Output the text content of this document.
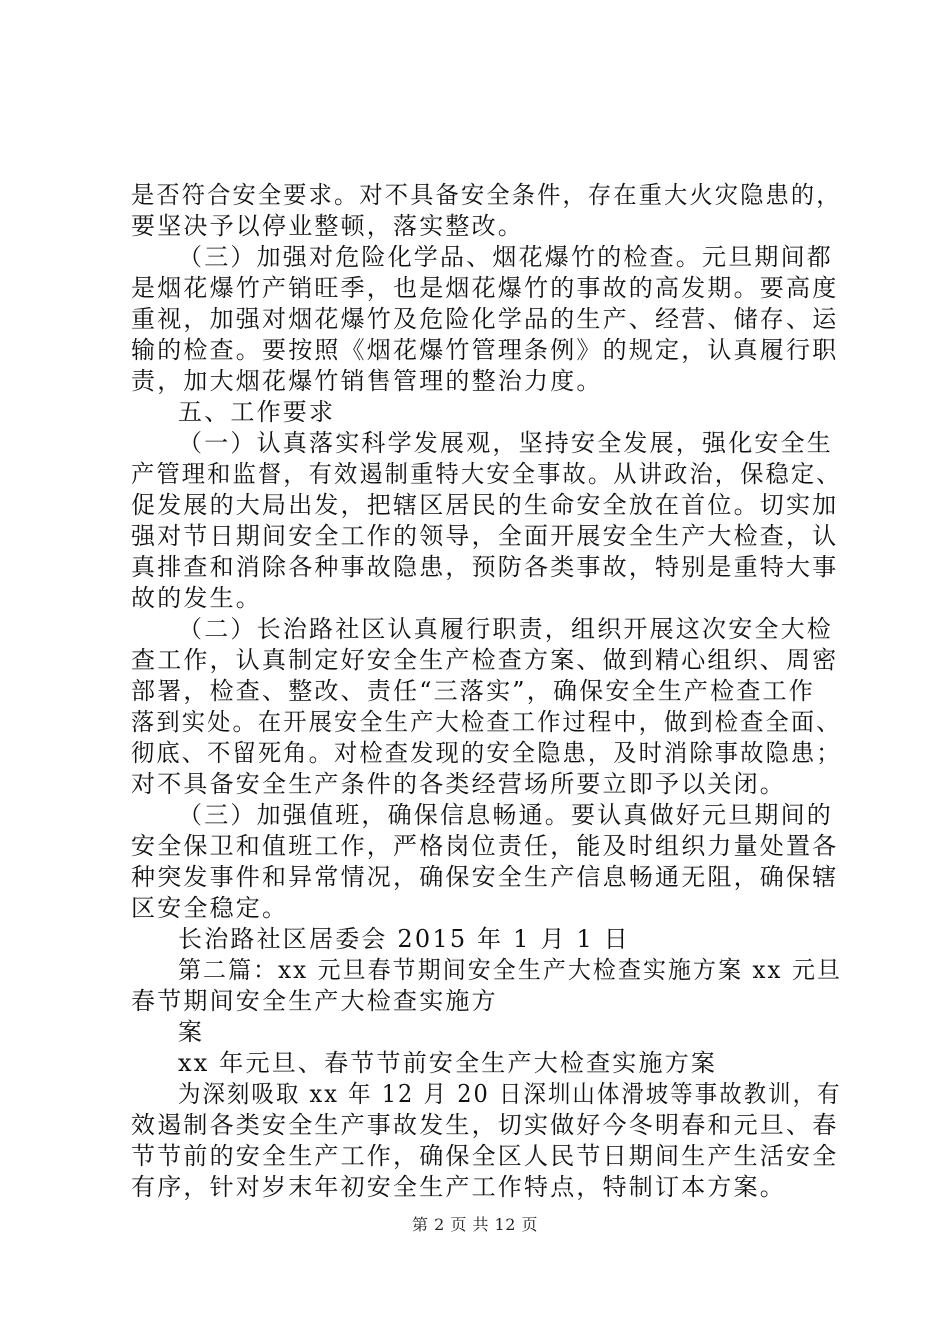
是否符合安全要求。对不具备安全条件，存在重大火灾隐患的，
要坚决予以停业整顿，落实整改。
（三）加强对危险化学品、烟花爆竹的检查。元旦期间都
是烟花爆竹产销旺季，也是烟花爆竹的事故的高发期。要高度
重视，加强对烟花爆竹及危险化学品的生产、经营、储存、运
输的检查。要按照《烟花爆竹管理条例》的规定，认真履行职
责，加大烟花爆竹销售管理的整治力度。
五、工作要求
（一）认真落实科学发展观，坚持安全发展，强化安全生
产管理和监督，有效遏制重特大安全事故。从讲政治，保稳定、
促发展的大局出发，把辖区居民的生命安全放在首位。切实加
强对节日期间安全工作的领导，全面开展安全生产大检查，认
真排查和消除各种事故隐患，预防各类事故，特别是重特大事
故的发生。
（二）长治路社区认真履行职责，组织开展这次安全大检
查工作，认真制定好安全生产检查方案、做到精心组织、周密
部署，检查、整改、责任“三落实”，确保安全生产检查工作
落到实处。在开展安全生产大检查工作过程中，做到检查全面、
彻底、不留死角。对检查发现的安全隐患，及时消除事故隐患；
对不具备安全生产条件的各类经营场所要立即予以关闭。
（三）加强值班，确保信息畅通。要认真做好元旦期间的
安全保卫和值班工作，严格岗位责任，能及时组织力量处置各
种突发事件和异常情况，确保安全生产信息畅通无阻，确保辖
区安全稳定。
长治路社区居委会 2015 年 1 月 1 日
第二篇：xx 元旦春节期间安全生产大检查实施方案 xx 元旦
春节期间安全生产大检查实施方
案
xx 年元旦、春节节前安全生产大检查实施方案
为深刻吸取 xx 年 12 月 20 日深圳山体滑坡等事故教训，有
效遏制各类安全生产事故发生，切实做好今冬明春和元旦、春
节节前的安全生产工作，确保全区人民节日期间生产生活安全
有序，针对岁末年初安全生产工作特点，特制订本方案。
第 2 页 共 12 页
